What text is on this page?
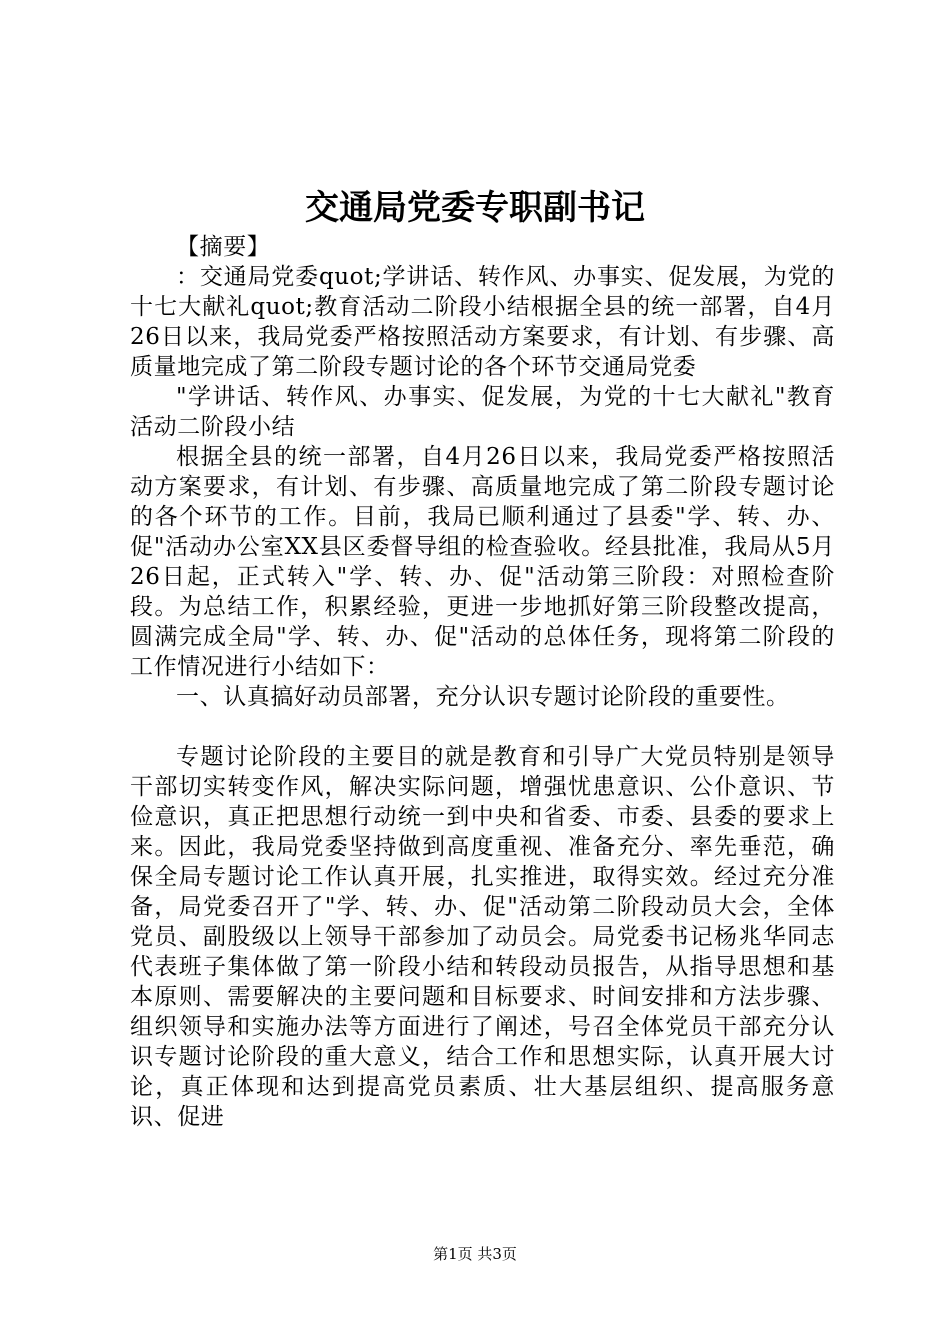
交通局党委专职副书记

【摘要】

：交通局党委quot;学讲话、转作风、办事实、促发展，为党的十七大献礼quot;教育活动二阶段小结根据全县的统一部署，自4月26日以来，我局党委严格按照活动方案要求，有计划、有步骤、高质量地完成了第二阶段专题讨论的各个环节交通局党委

"学讲话、转作风、办事实、促发展，为党的十七大献礼"教育活动二阶段小结

根据全县的统一部署，自4月26日以来，我局党委严格按照活动方案要求，有计划、有步骤、高质量地完成了第二阶段专题讨论的各个环节的工作。目前，我局已顺利通过了县委"学、转、办、促"活动办公室XX县区委督导组的检查验收。经县批准，我局从5月26日起，正式转入"学、转、办、促"活动第三阶段：对照检查阶段。为总结工作，积累经验，更进一步地抓好第三阶段整改提高，圆满完成全局"学、转、办、促"活动的总体任务，现将第二阶段的工作情况进行小结如下：

一、认真搞好动员部署，充分认识专题讨论阶段的重要性。

专题讨论阶段的主要目的就是教育和引导广大党员特别是领导干部切实转变作风，解决实际问题，增强忧患意识、公仆意识、节俭意识，真正把思想行动统一到中央和省委、市委、县委的要求上来。因此，我局党委坚持做到高度重视、准备充分、率先垂范，确保全局专题讨论工作认真开展，扎实推进，取得实效。经过充分准备，局党委召开了"学、转、办、促"活动第二阶段动员大会，全体党员、副股级以上领导干部参加了动员会。局党委书记杨兆华同志代表班子集体做了第一阶段小结和转段动员报告，从指导思想和基本原则、需要解决的主要问题和目标要求、时间安排和方法步骤、组织领导和实施办法等方面进行了阐述，号召全体党员干部充分认识专题讨论阶段的重大意义，结合工作和思想实际，认真开展大讨论，真正体现和达到提高党员素质、壮大基层组织、提高服务意识、促进

第1页 共3页
